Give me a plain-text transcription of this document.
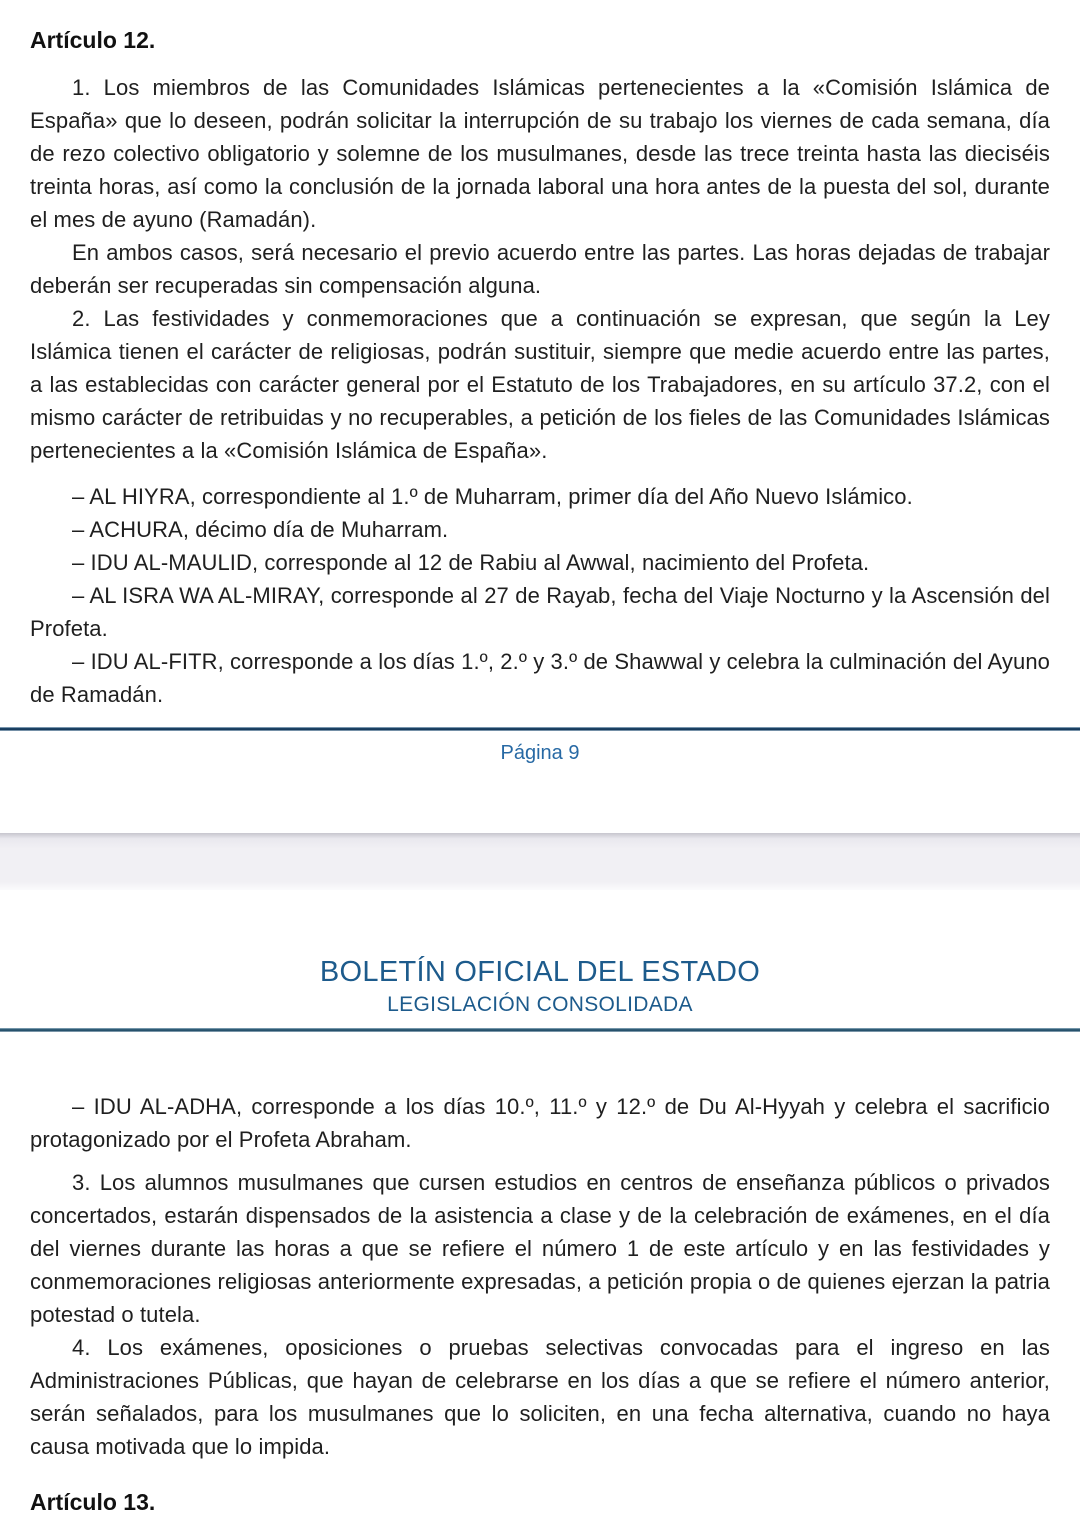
Artículo 12.

1. Los miembros de las Comunidades Islámicas pertenecientes a la «Comisión Islámica de España» que lo deseen, podrán solicitar la interrupción de su trabajo los viernes de cada semana, día de rezo colectivo obligatorio y solemne de los musulmanes, desde las trece treinta hasta las dieciséis treinta horas, así como la conclusión de la jornada laboral una hora antes de la puesta del sol, durante el mes de ayuno (Ramadán).

En ambos casos, será necesario el previo acuerdo entre las partes. Las horas dejadas de trabajar deberán ser recuperadas sin compensación alguna.

2. Las festividades y conmemoraciones que a continuación se expresan, que según la Ley Islámica tienen el carácter de religiosas, podrán sustituir, siempre que medie acuerdo entre las partes, a las establecidas con carácter general por el Estatuto de los Trabajadores, en su artículo 37.2, con el mismo carácter de retribuidas y no recuperables, a petición de los fieles de las Comunidades Islámicas pertenecientes a la «Comisión Islámica de España».

– AL HIYRA, correspondiente al 1.º de Muharram, primer día del Año Nuevo Islámico.

– ACHURA, décimo día de Muharram.

– IDU AL-MAULID, corresponde al 12 de Rabiu al Awwal, nacimiento del Profeta.

– AL ISRA WA AL-MIRAY, corresponde al 27 de Rayab, fecha del Viaje Nocturno y la Ascensión del Profeta.

– IDU AL-FITR, corresponde a los días 1.º, 2.º y 3.º de Shawwal y celebra la culminación del Ayuno de Ramadán.

Página 9
BOLETÍN OFICIAL DEL ESTADO
LEGISLACIÓN CONSOLIDADA

– IDU AL-ADHA, corresponde a los días 10.º, 11.º y 12.º de Du Al-Hyyah y celebra el sacrificio protagonizado por el Profeta Abraham.

3. Los alumnos musulmanes que cursen estudios en centros de enseñanza públicos o privados concertados, estarán dispensados de la asistencia a clase y de la celebración de exámenes, en el día del viernes durante las horas a que se refiere el número 1 de este artículo y en las festividades y conmemoraciones religiosas anteriormente expresadas, a petición propia o de quienes ejerzan la patria potestad o tutela.

4. Los exámenes, oposiciones o pruebas selectivas convocadas para el ingreso en las Administraciones Públicas, que hayan de celebrarse en los días a que se refiere el número anterior, serán señalados, para los musulmanes que lo soliciten, en una fecha alternativa, cuando no haya causa motivada que lo impida.

Artículo 13.
